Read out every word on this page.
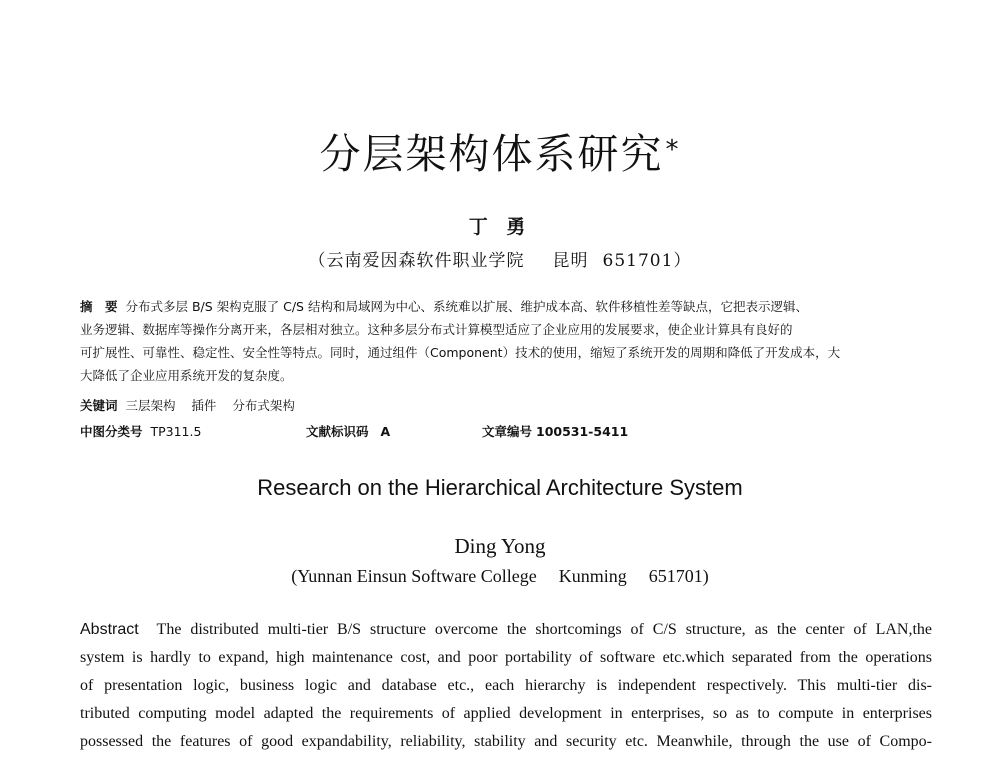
分层架构体系研究*
丁 勇
（云南爱因森软件职业学院 昆明 651701）
摘　要 分布式多层 B/S 架构克服了 C/S 结构和局域网为中心、系统难以扩展、维护成本高、软件移植性差等缺点，它把表示逻辑、
业务逻辑、数据库等操作分离开来，各层相对独立。这种多层分布式计算模型适应了企业应用的发展要求，使企业计算具有良好的
可扩展性、可靠性、稳定性、安全性等特点。同时，通过组件（Component）技术的使用，缩短了系统开发的周期和降低了开发成本，大
大降低了企业应用系统开发的复杂度。
关键词 三层架构 插件 分布式架构
中图分类号 TP311.5	文献标识码 A	文章编号 100531-5411
Research on the Hierarchical Architecture System
Ding Yong
(Yunnan Einsun Software College Kunming 651701)
Abstract The distributed multi-tier B/S structure overcome the shortcomings of C/S structure, as the center of LAN,the
system is hardly to expand, high maintenance cost, and poor portability of software etc.which separated from the operations
of presentation logic, business logic and database etc., each hierarchy is independent respectively. This multi-tier dis-
tributed computing model adapted the requirements of applied development in enterprises, so as to compute in enterprises
possessed the features of good expandability, reliability, stability and security etc. Meanwhile, through the use of Compo-
